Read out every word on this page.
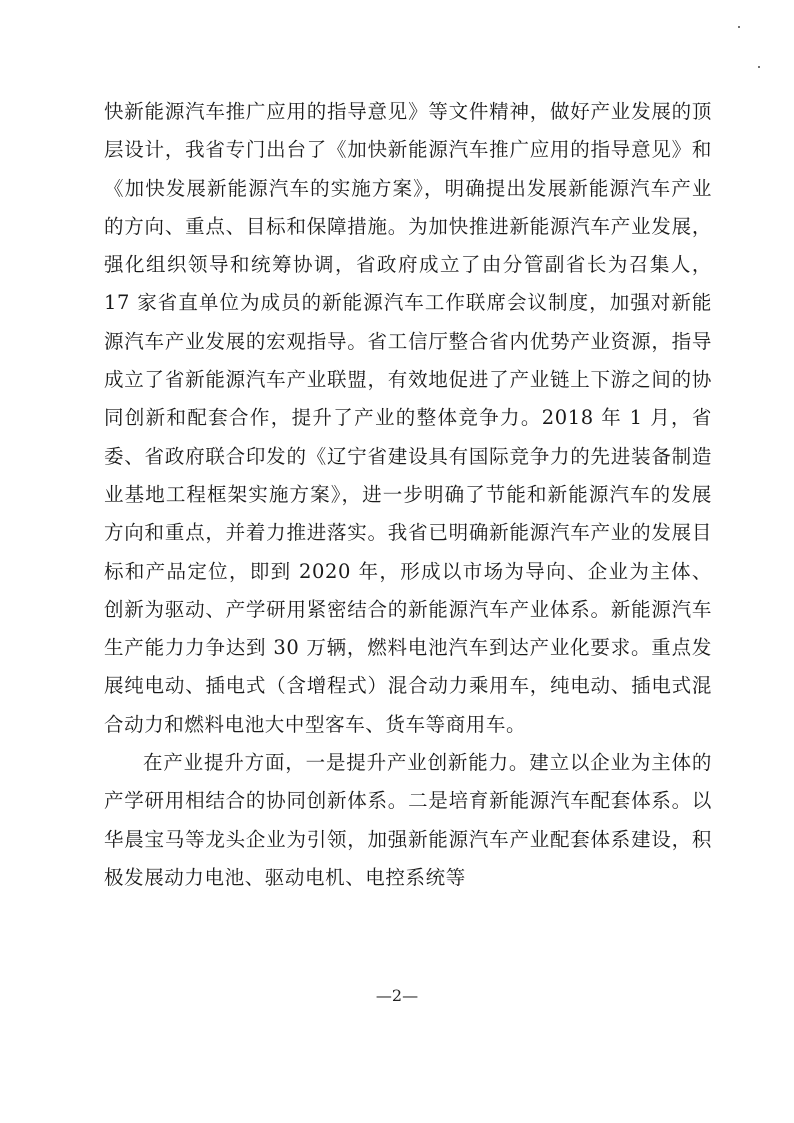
快新能源汽车推广应用的指导意见》等文件精神，做好产业发展的顶层设计，我省专门出台了《加快新能源汽车推广应用的指导意见》和《加快发展新能源汽车的实施方案》，明确提出发展新能源汽车产业的方向、重点、目标和保障措施。为加快推进新能源汽车产业发展，强化组织领导和统筹协调，省政府成立了由分管副省长为召集人，17 家省直单位为成员的新能源汽车工作联席会议制度，加强对新能源汽车产业发展的宏观指导。省工信厅整合省内优势产业资源，指导成立了省新能源汽车产业联盟，有效地促进了产业链上下游之间的协同创新和配套合作，提升了产业的整体竞争力。2018 年 1 月，省委、省政府联合印发的《辽宁省建设具有国际竞争力的先进装备制造业基地工程框架实施方案》，进一步明确了节能和新能源汽车的发展方向和重点，并着力推进落实。我省已明确新能源汽车产业的发展目标和产品定位，即到 2020 年，形成以市场为导向、企业为主体、创新为驱动、产学研用紧密结合的新能源汽车产业体系。新能源汽车生产能力力争达到 30 万辆，燃料电池汽车到达产业化要求。重点发展纯电动、插电式（含增程式）混合动力乘用车，纯电动、插电式混合动力和燃料电池大中型客车、货车等商用车。

在产业提升方面，一是提升产业创新能力。建立以企业为主体的产学研用相结合的协同创新体系。二是培育新能源汽车配套体系。以华晨宝马等龙头企业为引领，加强新能源汽车产业配套体系建设，积极发展动力电池、驱动电机、电控系统等

—2—
